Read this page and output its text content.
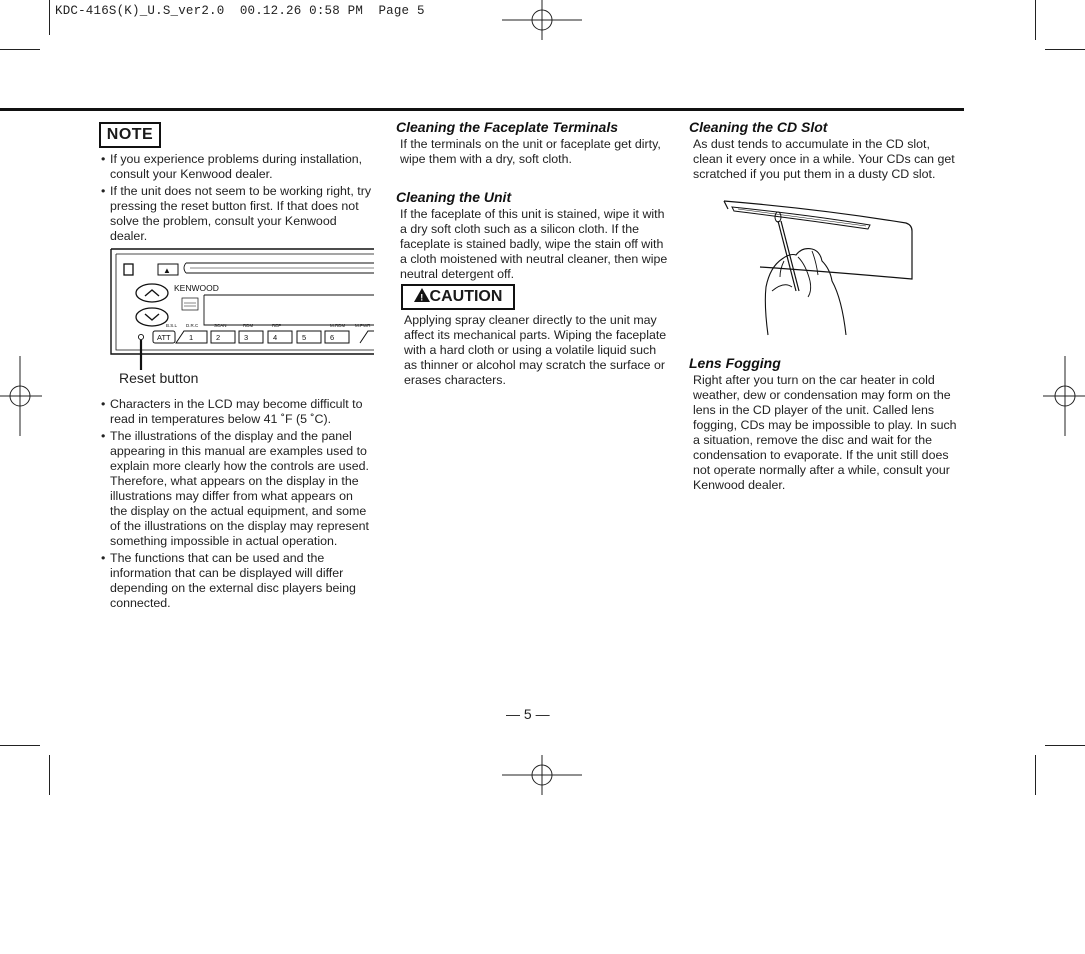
KDC-416S(K)_U.S_ver2.0  00.12.26 0:58 PM  Page 5
NOTE
• If you experience problems during installation, consult your Kenwood dealer.
• If the unit does not seem to be working right, try pressing the reset button first. If that does not solve the problem, consult your Kenwood dealer.
▲
KENWOOD
B.S.L D.R.C	SCAN	RDM	REP	M.RDM M.PWR
ATT 1	2	3	4	5	6
Reset button
• Characters in the LCD may become difficult to read in temperatures below 41 ˚F (5 ˚C).
• The illustrations of the display and the panel appearing in this manual are examples used to explain more clearly how the controls are used. Therefore, what appears on the display in the illustrations may differ from what appears on the display on the actual equipment, and some of the illustrations on the display may represent something impossible in actual operation.
• The functions that can be used and the information that can be displayed will differ depending on the external disc players being connected.
Cleaning the Faceplate Terminals
If the terminals on the unit or faceplate get dirty, wipe them with a dry, soft cloth.
Cleaning the Unit
If the faceplate of this unit is stained, wipe it with a dry soft cloth such as a silicon cloth. If the faceplate is stained badly, wipe the stain off with a cloth moistened with neutral cleaner, then wipe neutral detergent off.
! CAUTION
Applying spray cleaner directly to the unit may affect its mechanical parts. Wiping the faceplate with a hard cloth or using a volatile liquid such as thinner or alcohol may scratch the surface or erases characters.
Cleaning the CD Slot
As dust tends to accumulate in the CD slot, clean it every once in a while. Your CDs can get scratched if you put them in a dusty CD slot.
Lens Fogging
Right after you turn on the car heater in cold weather, dew or condensation may form on the lens in the CD player of the unit. Called lens fogging, CDs may be impossible to play. In such a situation, remove the disc and wait for the condensation to evaporate. If the unit still does not operate normally after a while, consult your Kenwood dealer.
— 5 —
